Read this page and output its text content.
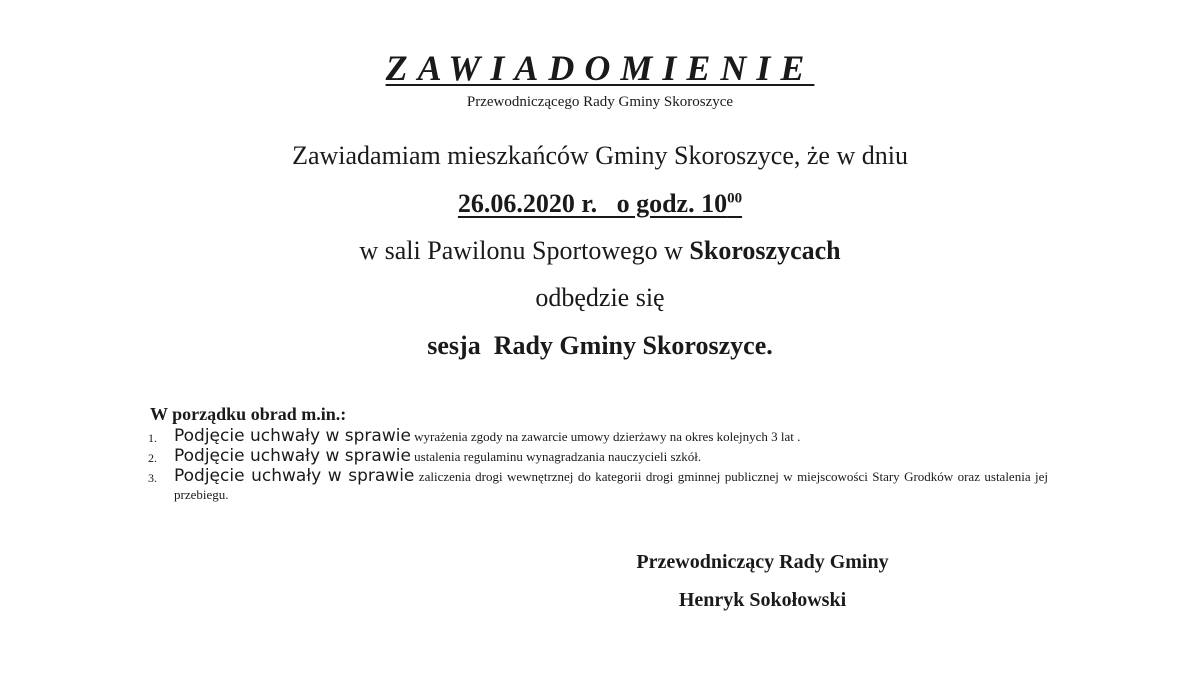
ZAWIADOMIENIE
Przewodniczącego Rady Gminy Skoroszyce
Zawiadamiam mieszkańców Gminy Skoroszyce, że w dniu
26.06.2020 r.   o godz. $10^{00}$
w sali Pawilonu Sportowego w Skoroszycach
odbędzie się
sesja  Rady Gminy Skoroszyce.
W porządku obrad m.in.:
1. Podjęcie uchwały w sprawie wyrażenia zgody na zawarcie umowy dzierżawy na okres kolejnych 3 lat .
2. Podjęcie uchwały w sprawie ustalenia regulaminu wynagradzania nauczycieli szkół.
3. Podjęcie uchwały w sprawie zaliczenia drogi wewnętrznej do kategorii drogi gminnej publicznej w miejscowości Stary Grodków oraz ustalenia jej przebiegu.
Przewodniczący Rady Gminy
Henryk Sokołowski
